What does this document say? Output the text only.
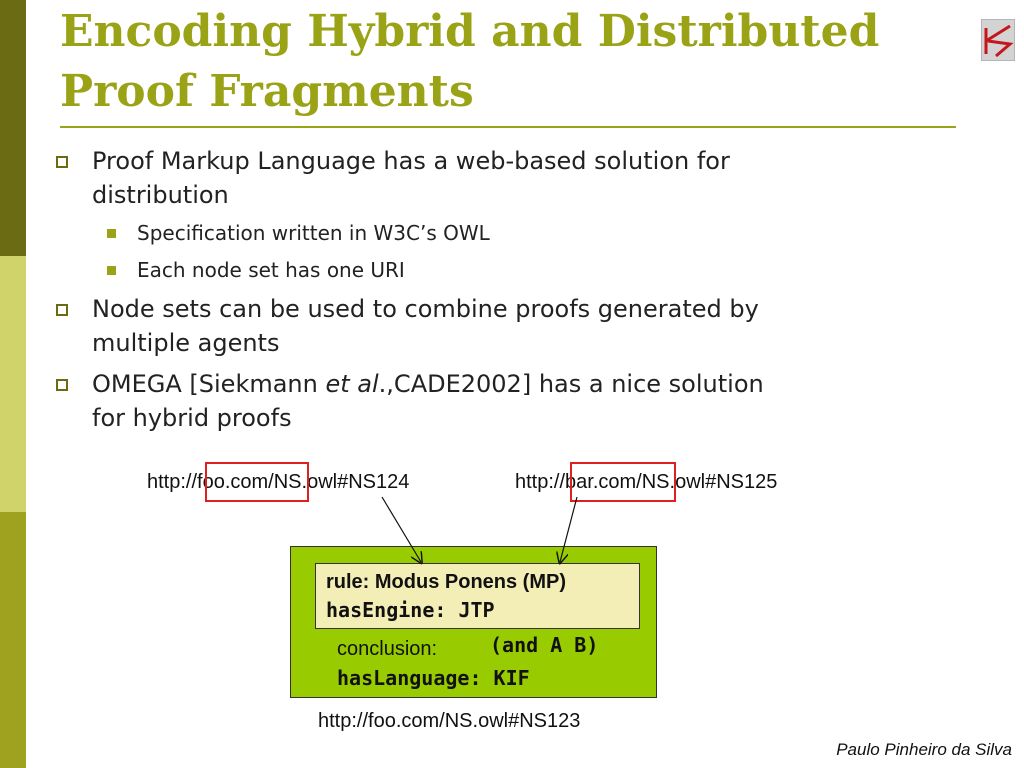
Encoding Hybrid and Distributed
Proof Fragments
Proof Markup Language has a web-based solution for
distribution
Specification written in W3C’s OWL
Each node set has one URI
Node sets can be used to combine proofs generated by
multiple agents
OMEGA [Siekmann et al.,CADE2002] has a nice solution
for hybrid proofs
http://foo.com/NS.owl#NS124	http://bar.com/NS.owl#NS125
rule: Modus Ponens (MP)
hasEngine: JTP
conclusion:	(and A B)
hasLanguage: KIF
http://foo.com/NS.owl#NS123
Paulo Pinheiro da Silva
